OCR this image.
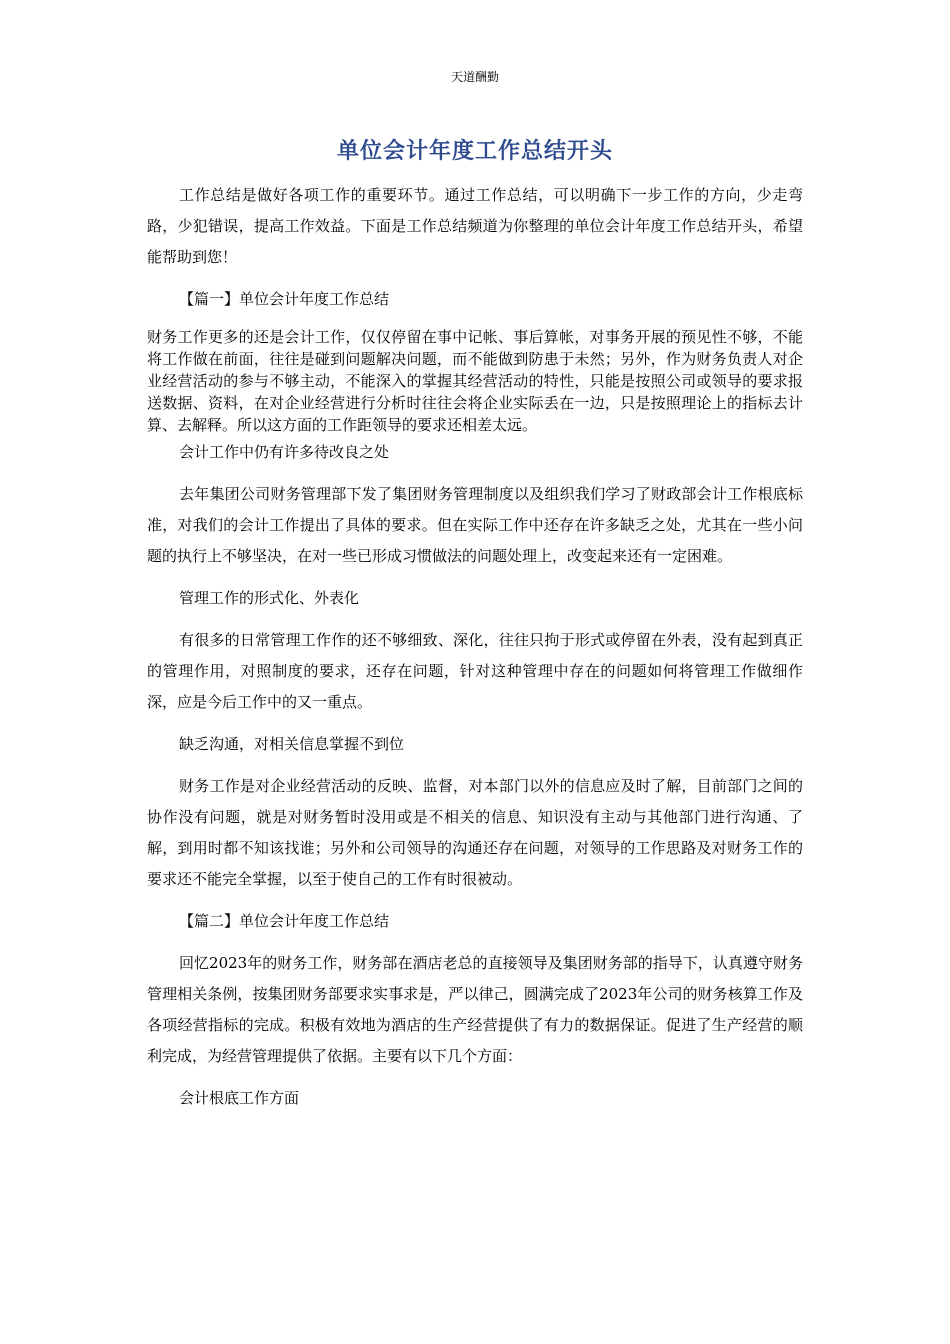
天道酬勤
单位会计年度工作总结开头

工作总结是做好各项工作的重要环节。通过工作总结，可以明确下一步工作的方向，少走弯路，少犯错误，提高工作效益。下面是工作总结频道为你整理的单位会计年度工作总结开头，希望能帮助到您！

【篇一】单位会计年度工作总结

财务工作更多的还是会计工作，仅仅停留在事中记帐、事后算帐，对事务开展的预见性不够，不能将工作做在前面，往往是碰到问题解决问题，而不能做到防患于未然；另外，作为财务负责人对企业经营活动的参与不够主动，不能深入的掌握其经营活动的特性，只能是按照公司或领导的要求报送数据、资料，在对企业经营进行分析时往往会将企业实际丢在一边，只是按照理论上的指标去计算、去解释。所以这方面的工作距领导的要求还相差太远。

会计工作中仍有许多待改良之处

去年集团公司财务管理部下发了集团财务管理制度以及组织我们学习了财政部会计工作根底标准，对我们的会计工作提出了具体的要求。但在实际工作中还存在许多缺乏之处，尤其在一些小问题的执行上不够坚决，在对一些已形成习惯做法的问题处理上，改变起来还有一定困难。

管理工作的形式化、外表化

有很多的日常管理工作作的还不够细致、深化，往往只拘于形式或停留在外表，没有起到真正的管理作用，对照制度的要求，还存在问题，针对这种管理中存在的问题如何将管理工作做细作深，应是今后工作中的又一重点。

缺乏沟通，对相关信息掌握不到位

财务工作是对企业经营活动的反映、监督，对本部门以外的信息应及时了解，目前部门之间的协作没有问题，就是对财务暂时没用或是不相关的信息、知识没有主动与其他部门进行沟通、了解，到用时都不知该找谁；另外和公司领导的沟通还存在问题，对领导的工作思路及对财务工作的要求还不能完全掌握，以至于使自己的工作有时很被动。

【篇二】单位会计年度工作总结

回忆2023年的财务工作，财务部在酒店老总的直接领导及集团财务部的指导下，认真遵守财务管理相关条例，按集团财务部要求实事求是，严以律己，圆满完成了2023年公司的财务核算工作及各项经营指标的完成。积极有效地为酒店的生产经营提供了有力的数据保证。促进了生产经营的顺利完成，为经营管理提供了依据。主要有以下几个方面：

会计根底工作方面
